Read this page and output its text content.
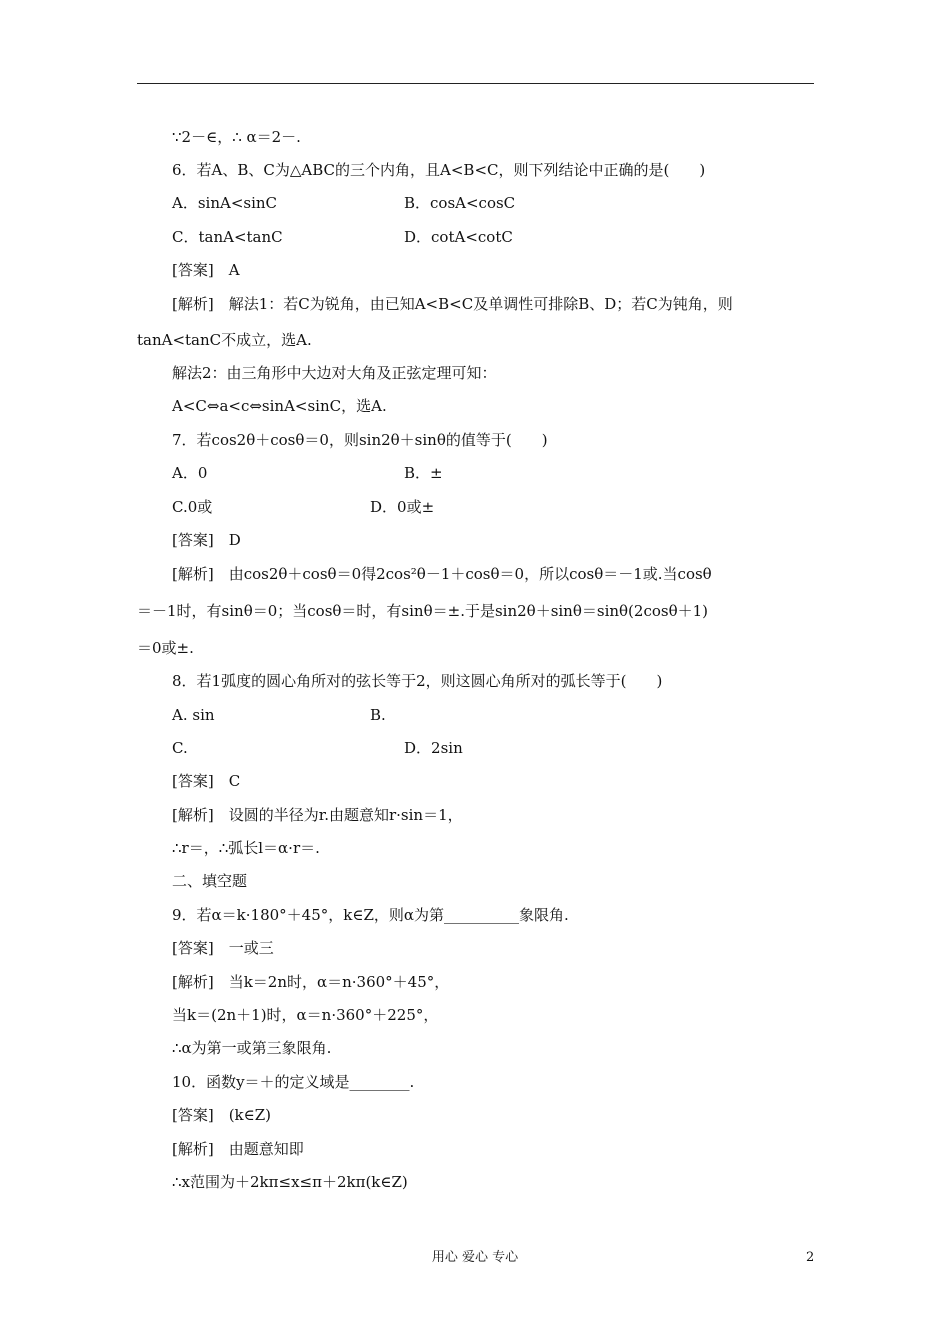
∵2－∈，∴ α＝2－.
6．若A、B、C为△ABC的三个内角，且A<B<C，则下列结论中正确的是(　　)
A．sinA<sinC	B．cosA<cosC
C．tanA<tanC	D．cotA<cotC
[答案]　A
[解析]　解法1：若C为锐角，由已知A<B<C及单调性可排除B、D；若C为钝角，则
tanA<tanC不成立，选A.
解法2：由三角形中大边对大角及正弦定理可知：
A<C⇔a<c⇔sinA<sinC，选A.
7．若cos2θ＋cosθ＝0，则sin2θ＋sinθ的值等于(　　)
A．0	B．±
C.0或	D．0或±
[答案]　D
[解析]　由cos2θ＋cosθ＝0得2cos²θ－1＋cosθ＝0，所以cosθ＝－1或.当cosθ
＝－1时，有sinθ＝0；当cosθ＝时，有sinθ＝±.于是sin2θ＋sinθ＝sinθ(2cosθ＋1)
＝0或±.
8．若1弧度的圆心角所对的弦长等于2，则这圆心角所对的弧长等于(　　)
A. sin	B.
C.	D．2sin
[答案]　C
[解析]　设圆的半径为r.由题意知r·sin＝1，
∴r＝，∴弧长l＝α·r＝.
二、填空题
9．若α＝k·180°＋45°，k∈Z，则α为第__________象限角.
[答案]　一或三
[解析]　当k＝2n时，α＝n·360°＋45°，
当k＝(2n＋1)时，α＝n·360°＋225°，
∴α为第一或第三象限角.
10．函数y＝＋的定义域是________.
[答案]　(k∈Z)
[解析]　由题意知即
∴x范围为＋2kπ≤x≤π＋2kπ(k∈Z)
用心 爱心 专心	2
